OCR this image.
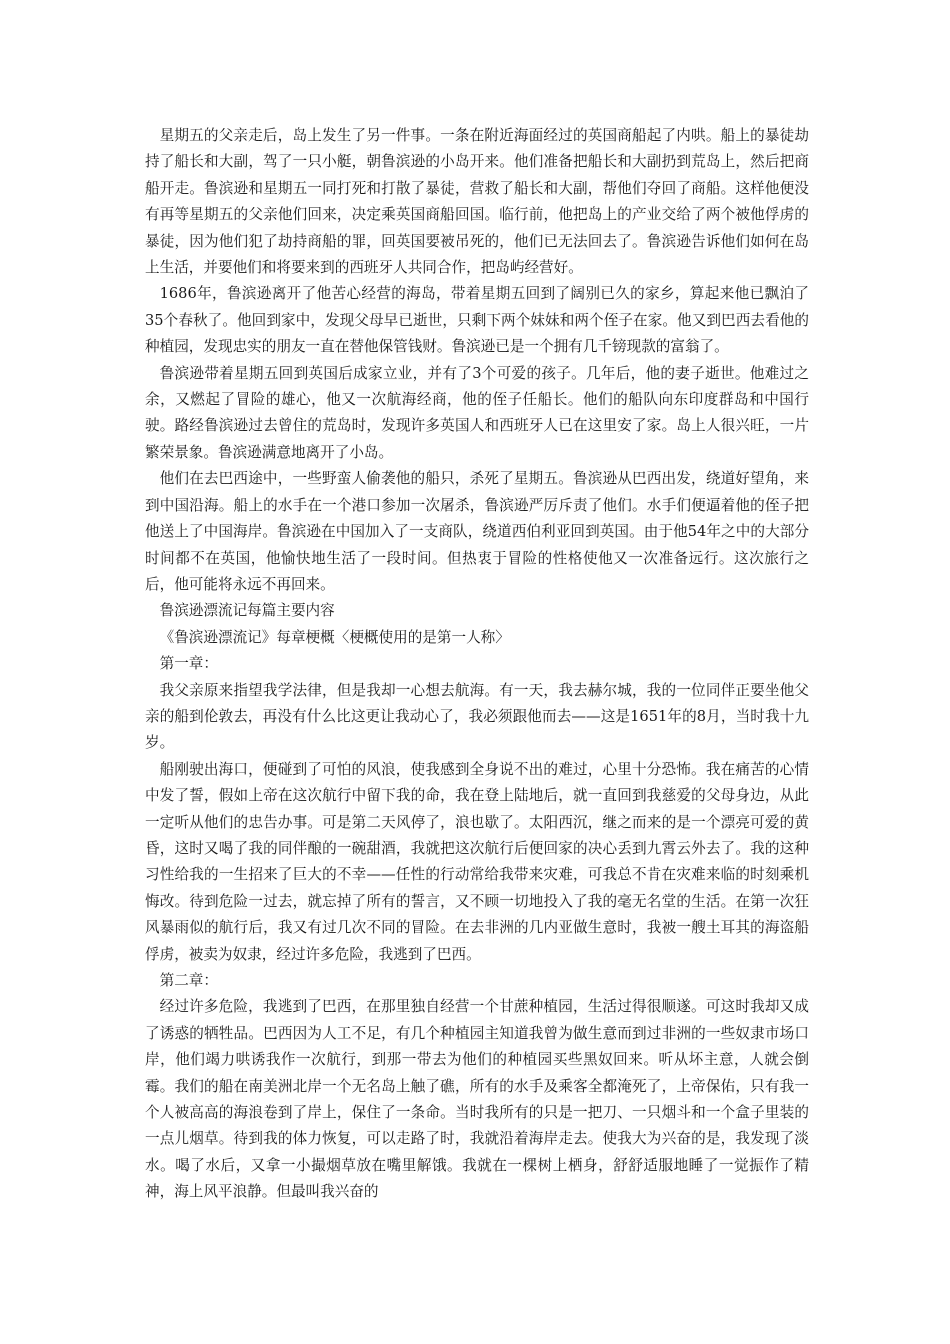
星期五的父亲走后，岛上发生了另一件事。一条在附近海面经过的英国商船起了内哄。船上的暴徒劫持了船长和大副，驾了一只小艇，朝鲁滨逊的小岛开来。他们准备把船长和大副扔到荒岛上，然后把商船开走。鲁滨逊和星期五一同打死和打散了暴徒，营救了船长和大副，帮他们夺回了商船。这样他便没有再等星期五的父亲他们回来，决定乘英国商船回国。临行前，他把岛上的产业交给了两个被他俘虏的暴徒，因为他们犯了劫持商船的罪，回英国要被吊死的，他们已无法回去了。鲁滨逊告诉他们如何在岛上生活，并要他们和将要来到的西班牙人共同合作，把岛屿经营好。

1686年，鲁滨逊离开了他苦心经营的海岛，带着星期五回到了阔别已久的家乡，算起来他已飘泊了35个春秋了。他回到家中，发现父母早已逝世，只剩下两个妹妹和两个侄子在家。他又到巴西去看他的种植园，发现忠实的朋友一直在替他保管钱财。鲁滨逊已是一个拥有几千镑现款的富翁了。

鲁滨逊带着星期五回到英国后成家立业，并有了3个可爱的孩子。几年后，他的妻子逝世。他难过之余，又燃起了冒险的雄心，他又一次航海经商，他的侄子任船长。他们的船队向东印度群岛和中国行驶。路经鲁滨逊过去曾住的荒岛时，发现许多英国人和西班牙人已在这里安了家。岛上人很兴旺，一片繁荣景象。鲁滨逊满意地离开了小岛。

他们在去巴西途中，一些野蛮人偷袭他的船只，杀死了星期五。鲁滨逊从巴西出发，绕道好望角，来到中国沿海。船上的水手在一个港口参加一次屠杀，鲁滨逊严厉斥责了他们。水手们便逼着他的侄子把他送上了中国海岸。鲁滨逊在中国加入了一支商队，绕道西伯利亚回到英国。由于他54年之中的大部分时间都不在英国，他愉快地生活了一段时间。但热衷于冒险的性格使他又一次准备远行。这次旅行之后，他可能将永远不再回来。

鲁滨逊漂流记每篇主要内容

《鲁滨逊漂流记》每章梗概〈梗概使用的是第一人称〉

第一章：

我父亲原来指望我学法律，但是我却一心想去航海。有一天，我去赫尔城，我的一位同伴正要坐他父亲的船到伦敦去，再没有什么比这更让我动心了，我必须跟他而去——这是1651年的8月，当时我十九岁。

船刚驶出海口，便碰到了可怕的风浪，使我感到全身说不出的难过，心里十分恐怖。我在痛苦的心情中发了誓，假如上帝在这次航行中留下我的命，我在登上陆地后，就一直回到我慈爱的父母身边，从此一定听从他们的忠告办事。可是第二天风停了，浪也歇了。太阳西沉，继之而来的是一个漂亮可爱的黄昏，这时又喝了我的同伴酿的一碗甜酒，我就把这次航行后便回家的决心丢到九霄云外去了。我的这种习性给我的一生招来了巨大的不幸——任性的行动常给我带来灾难，可我总不肯在灾难来临的时刻乘机悔改。待到危险一过去，就忘掉了所有的誓言，又不顾一切地投入了我的毫无名堂的生活。在第一次狂风暴雨似的航行后，我又有过几次不同的冒险。在去非洲的几内亚做生意时，我被一艘土耳其的海盗船俘虏，被卖为奴隶，经过许多危险，我逃到了巴西。

第二章：

经过许多危险，我逃到了巴西，在那里独自经营一个甘蔗种植园，生活过得很顺遂。可这时我却又成了诱惑的牺牲品。巴西因为人工不足，有几个种植园主知道我曾为做生意而到过非洲的一些奴隶市场口岸，他们竭力哄诱我作一次航行，到那一带去为他们的种植园买些黑奴回来。听从坏主意，人就会倒霉。我们的船在南美洲北岸一个无名岛上触了礁，所有的水手及乘客全都淹死了，上帝保佑，只有我一个人被高高的海浪卷到了岸上，保住了一条命。当时我所有的只是一把刀、一只烟斗和一个盒子里装的一点儿烟草。待到我的体力恢复，可以走路了时，我就沿着海岸走去。使我大为兴奋的是，我发现了淡水。喝了水后，又拿一小撮烟草放在嘴里解饿。我就在一棵树上栖身，舒舒适服地睡了一觉振作了精神，海上风平浪静。但最叫我兴奋的
